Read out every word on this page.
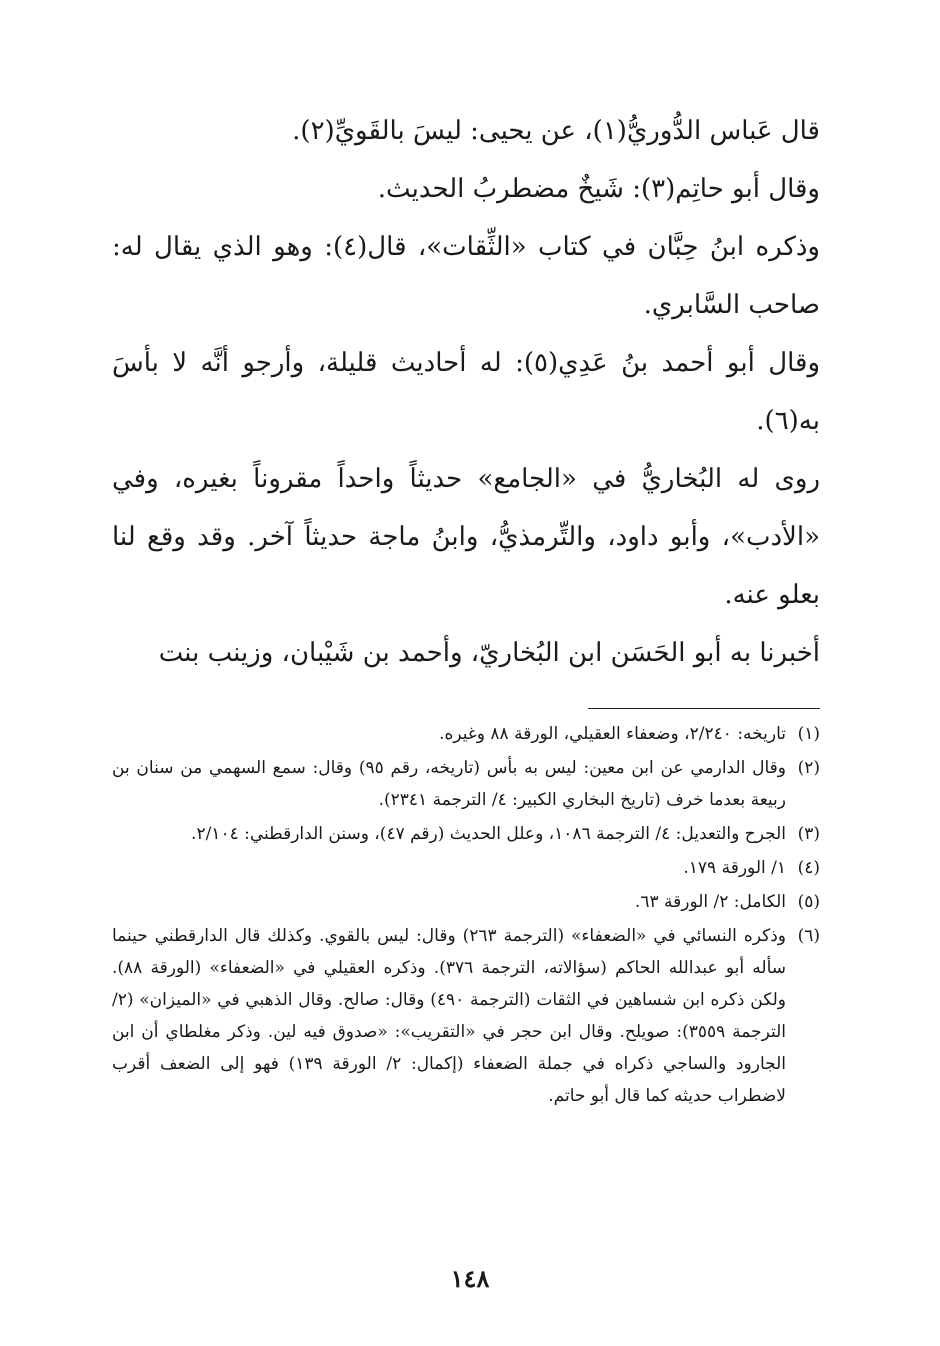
قال عَباس الدُّوريُّ(١)، عن يحيى: ليسَ بالقَويِّ(٢).

وقال أبو حاتِم(٣): شَيخٌ مضطربُ الحديث.

وذكره ابنُ حِبَّان في كتاب «الثِّقات»، قال(٤): وهو الذي يقال له: صاحب السَّابري.

وقال أبو أحمد بنُ عَدِي(٥): له أحاديث قليلة، وأرجو أنَّه لا بأسَ به(٦).

روى له البُخاريُّ في «الجامع» حديثاً واحداً مقروناً بغيره، وفي «الأدب»، وأبو داود، والتِّرمذيُّ، وابنُ ماجة حديثاً آخر. وقد وقع لنا بعلو عنه.

أخبرنا به أبو الحَسَن ابن البُخاريّ، وأحمد بن شَيْبان، وزينب بنت

(١)
تاريخه: ٢/٢٤٠، وضعفاء العقيلي، الورقة ٨٨ وغيره.
(٢)
وقال الدارمي عن ابن معين: ليس به بأس (تاريخه، رقم ٩٥) وقال: سمع السهمي من سنان بن ربيعة بعدما خرف (تاريخ البخاري الكبير: ٤/ الترجمة ٢٣٤١).
(٣)
الجرح والتعديل: ٤/ الترجمة ١٠٨٦، وعلل الحديث (رقم ٤٧)، وسنن الدارقطني: ٢/١٠٤.
(٤)
١/ الورقة ١٧٩.
(٥)
الكامل: ٢/ الورقة ٦٣.
(٦)
وذكره النسائي في «الضعفاء» (الترجمة ٢٦٣) وقال: ليس بالقوي. وكذلك قال الدارقطني حينما سأله أبو عبدالله الحاكم (سؤالاته، الترجمة ٣٧٦). وذكره العقيلي في «الضعفاء» (الورقة ٨٨). ولكن ذكره ابن شساهين في الثقات (الترجمة ٤٩٠) وقال: صالح. وقال الذهبي في «الميزان» (٢/ الترجمة ٣٥٥٩): صويلح. وقال ابن حجر في «التقريب»: «صدوق فيه لين. وذكر مغلطاي أن ابن الجارود والساجي ذكراه في جملة الضعفاء (إكمال: ٢/ الورقة ١٣٩) فهو إلى الضعف أقرب لاضطراب حديثه كما قال أبو حاتم.
١٤٨
